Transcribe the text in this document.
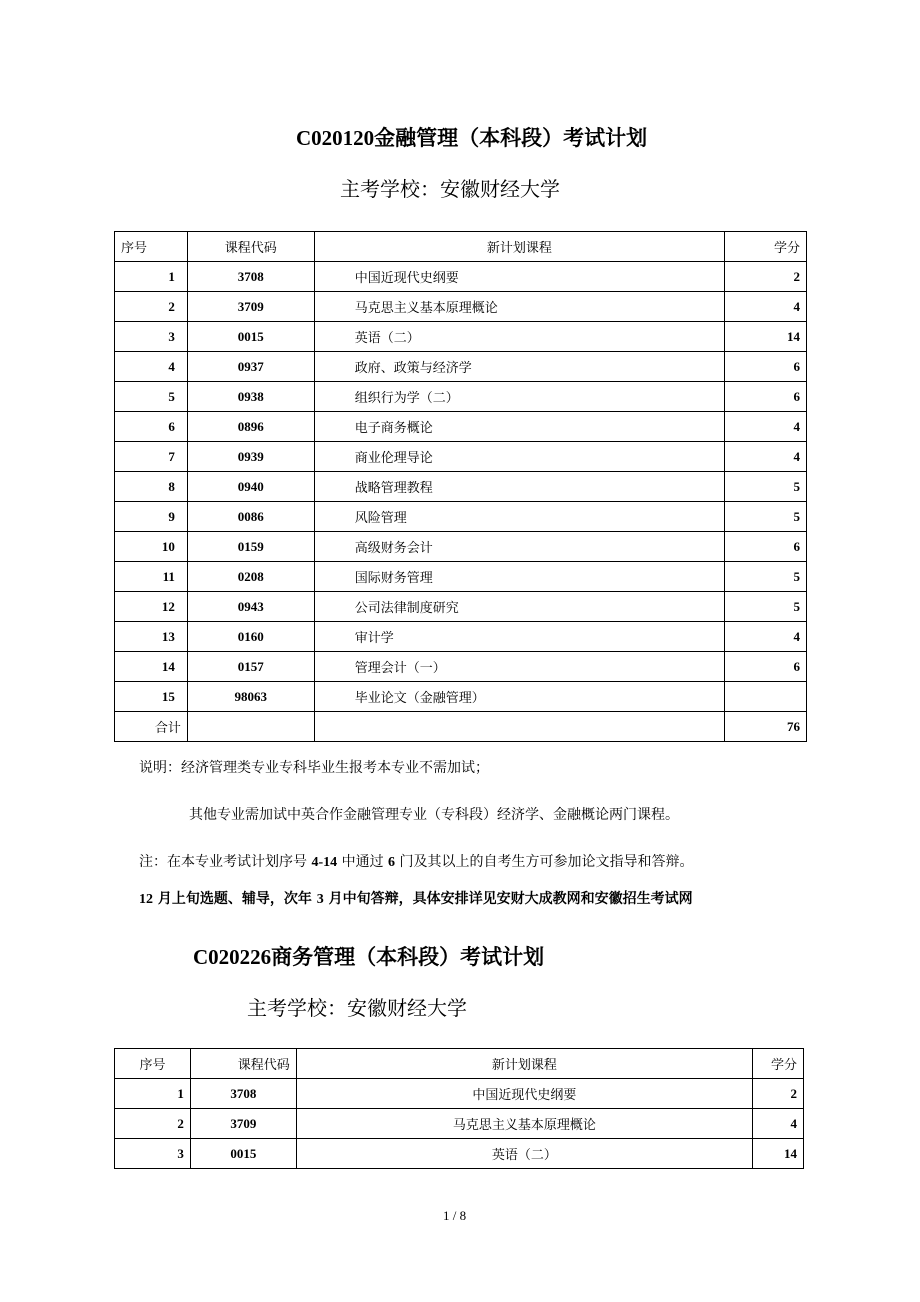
C020120金融管理（本科段）考试计划
主考学校：安徽财经大学
序号	课程代码	新计划课程	学分
1	3708	中国近现代史纲要	2
2	3709	马克思主义基本原理概论	4
3	0015	英语（二）	14
4	0937	政府、政策与经济学	6
5	0938	组织行为学（二）	6
6	0896	电子商务概论	4
7	0939	商业伦理导论	4
8	0940	战略管理教程	5
9	0086	风险管理	5
10	0159	高级财务会计	6
11	0208	国际财务管理	5
12	0943	公司法律制度研究	5
13	0160	审计学	4
14	0157	管理会计（一）	6
15	98063	毕业论文（金融管理）	
合计			76
说明：经济管理类专业专科毕业生报考本专业不需加试；
其他专业需加试中英合作金融管理专业（专科段）经济学、金融概论两门课程。
注：在本专业考试计划序号 4-14 中通过 6 门及其以上的自考生方可参加论文指导和答辩。
12 月上旬选题、辅导，次年 3 月中旬答辩，具体安排详见安财大成教网和安徽招生考试网
C020226商务管理（本科段）考试计划
主考学校：安徽财经大学
序号	课程代码	新计划课程	学分
1	3708	中国近现代史纲要	2
2	3709	马克思主义基本原理概论	4
3	0015	英语（二）	14
1 / 8
